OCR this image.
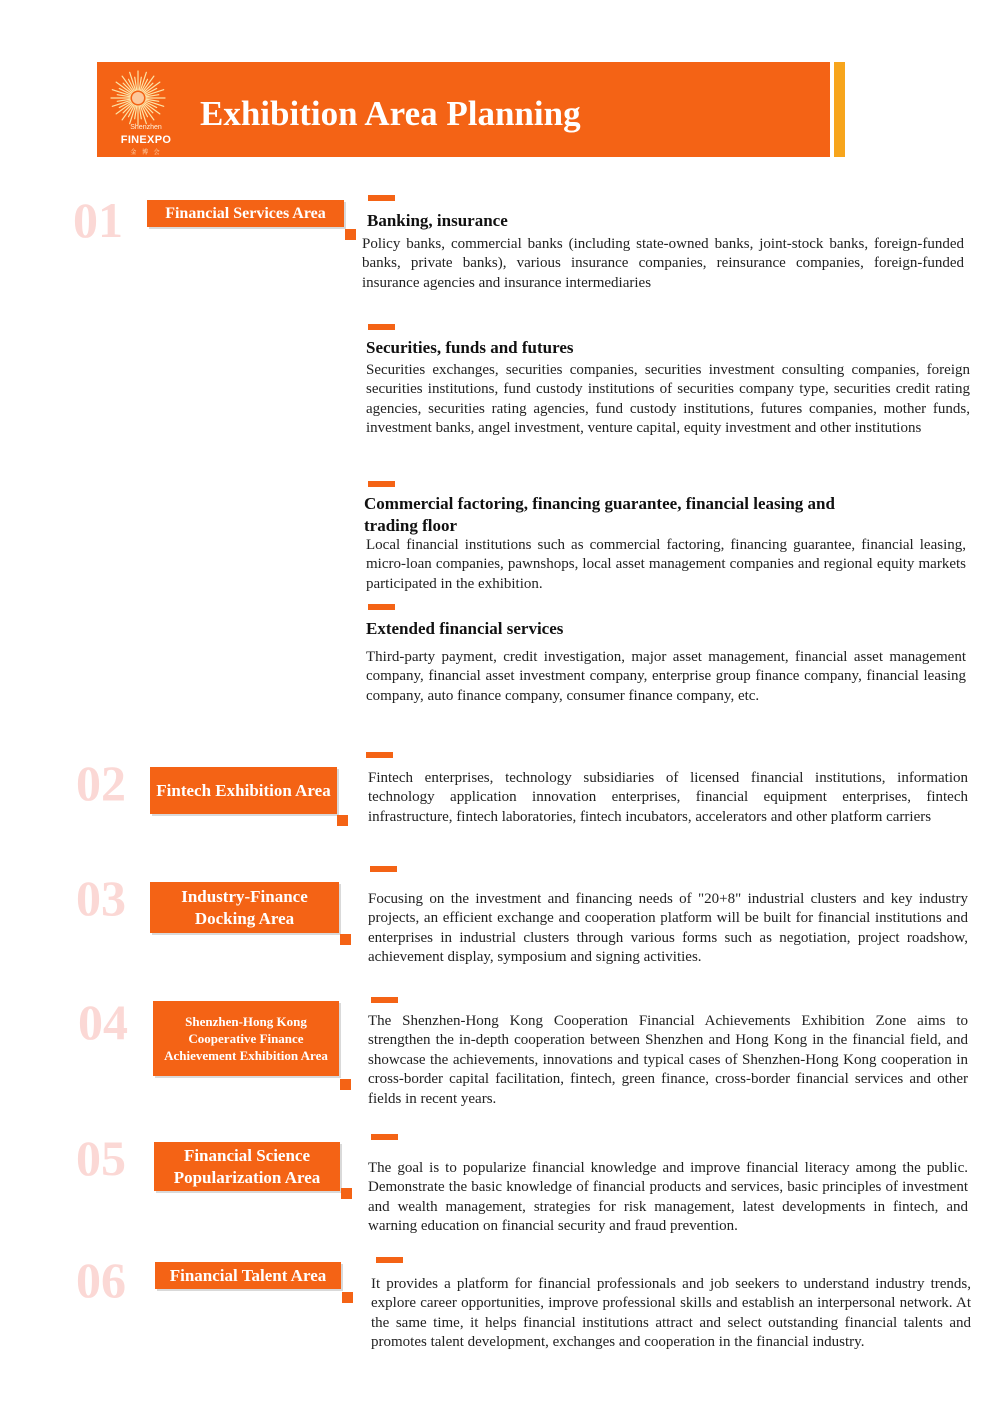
Shenzhen
FINEXPO
金 博 会
Exhibition Area Planning
01	Financial Services Area	Banking, insurance
Policy banks, commercial banks (including state-owned banks, joint-stock banks, foreign-funded banks, private banks), various insurance companies, reinsurance companies, foreign-funded insurance agencies and insurance intermediaries
Securities, funds and futures
Securities exchanges, securities companies, securities investment consulting companies, foreign securities institutions, fund custody institutions of securities company type, securities credit rating agencies, securities rating agencies, fund custody institutions, futures companies, mother funds, investment banks, angel investment, venture capital, equity investment and other institutions
Commercial factoring, financing guarantee, financial leasing and trading floor
Local financial institutions such as commercial factoring, financing guarantee, financial leasing, micro-loan companies, pawnshops, local asset management companies and regional equity markets participated in the exhibition.
Extended financial services
Third-party payment, credit investigation, major asset management, financial asset management company, financial asset investment company, enterprise group finance company, financial leasing company, auto finance company, consumer finance company, etc.
02	Fintech Exhibition Area
Fintech enterprises, technology subsidiaries of licensed financial institutions, information technology application innovation enterprises, financial equipment enterprises, fintech infrastructure, fintech laboratories, fintech incubators, accelerators and other platform carriers
03	Industry-Finance Docking Area
Focusing on the investment and financing needs of "20+8" industrial clusters and key industry projects, an efficient exchange and cooperation platform will be built for financial institutions and enterprises in industrial clusters through various forms such as negotiation, project roadshow, achievement display, symposium and signing activities.
04	Shenzhen-Hong Kong Cooperative Finance Achievement Exhibition Area
The Shenzhen-Hong Kong Cooperation Financial Achievements Exhibition Zone aims to strengthen the in-depth cooperation between Shenzhen and Hong Kong in the financial field, and showcase the achievements, innovations and typical cases of Shenzhen-Hong Kong cooperation in cross-border capital facilitation, fintech, green finance, cross-border financial services and other fields in recent years.
05	Financial Science Popularization Area	The goal is to popularize financial knowledge and improve financial literacy among the public. Demonstrate the basic knowledge of financial products and services, basic principles of investment and wealth management, strategies for risk management, latest developments in fintech, and warning education on financial security and fraud prevention.
06	Financial Talent Area	It provides a platform for financial professionals and job seekers to understand industry trends, explore career opportunities, improve professional skills and establish an interpersonal network. At the same time, it helps financial institutions attract and select outstanding financial talents and promotes talent development, exchanges and cooperation in the financial industry.
